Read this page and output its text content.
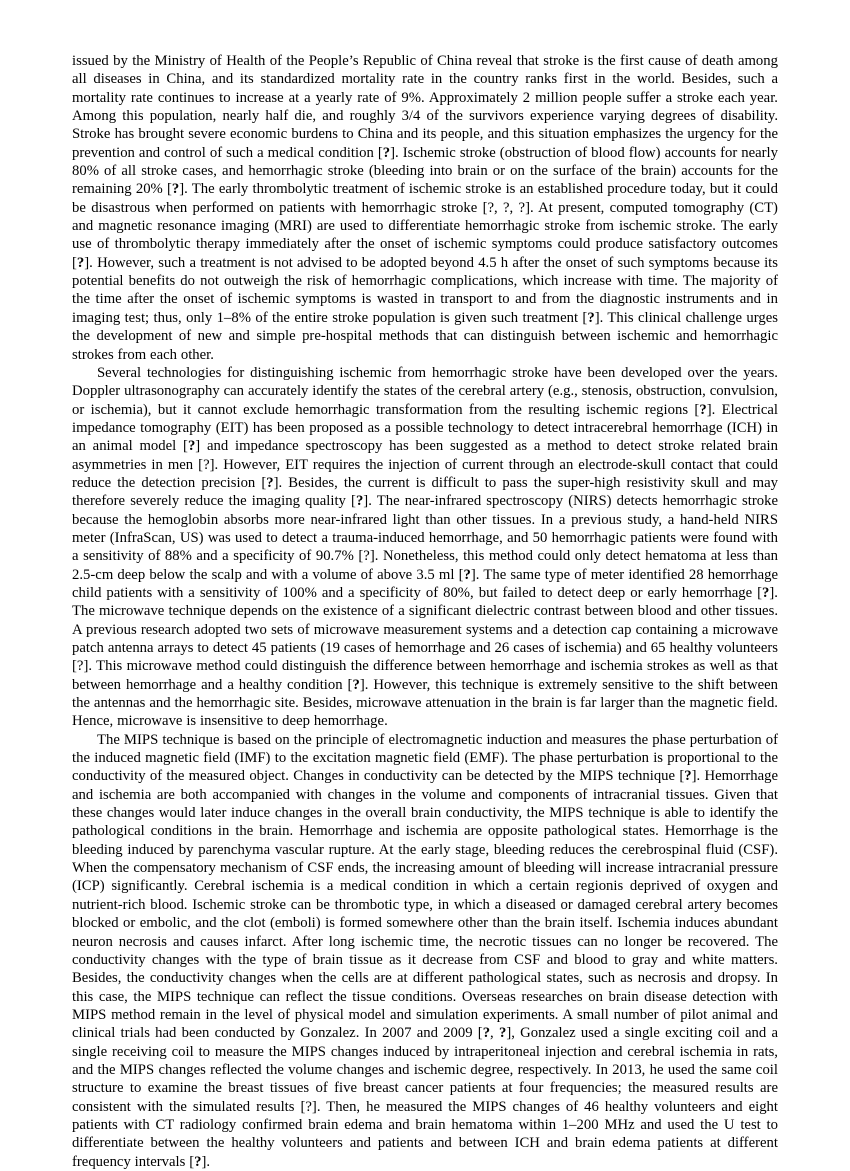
issued by the Ministry of Health of the People’s Republic of China reveal that stroke is the first cause of death among all diseases in China, and its standardized mortality rate in the country ranks first in the world. Besides, such a mortality rate continues to increase at a yearly rate of 9%. Approximately 2 million people suffer a stroke each year. Among this population, nearly half die, and roughly 3/4 of the survivors experience varying degrees of disability. Stroke has brought severe economic burdens to China and its people, and this situation emphasizes the urgency for the prevention and control of such a medical condition [?]. Ischemic stroke (obstruction of blood flow) accounts for nearly 80% of all stroke cases, and hemorrhagic stroke (bleeding into brain or on the surface of the brain) accounts for the remaining 20% [?]. The early thrombolytic treatment of ischemic stroke is an established procedure today, but it could be disastrous when performed on patients with hemorrhagic stroke [?, ?, ?]. At present, computed tomography (CT) and magnetic resonance imaging (MRI) are used to differentiate hemorrhagic stroke from ischemic stroke. The early use of thrombolytic therapy immediately after the onset of ischemic symptoms could produce satisfactory outcomes [?]. However, such a treatment is not advised to be adopted beyond 4.5 h after the onset of such symptoms because its potential benefits do not outweigh the risk of hemorrhagic complications, which increase with time. The majority of the time after the onset of ischemic symptoms is wasted in transport to and from the diagnostic instruments and in imaging test; thus, only 1–8% of the entire stroke population is given such treatment [?]. This clinical challenge urges the development of new and simple pre-hospital methods that can distinguish between ischemic and hemorrhagic strokes from each other.

Several technologies for distinguishing ischemic from hemorrhagic stroke have been developed over the years. Doppler ultrasonography can accurately identify the states of the cerebral artery (e.g., stenosis, obstruction, convulsion, or ischemia), but it cannot exclude hemorrhagic transformation from the resulting ischemic regions [?]. Electrical impedance tomography (EIT) has been proposed as a possible technology to detect intracerebral hemorrhage (ICH) in an animal model [?] and impedance spectroscopy has been suggested as a method to detect stroke related brain asymmetries in men [?]. However, EIT requires the injection of current through an electrode-skull contact that could reduce the detection precision [?]. Besides, the current is difficult to pass the super-high resistivity skull and may therefore severely reduce the imaging quality [?]. The near-infrared spectroscopy (NIRS) detects hemorrhagic stroke because the hemoglobin absorbs more near-infrared light than other tissues. In a previous study, a hand-held NIRS meter (InfraScan, US) was used to detect a trauma-induced hemorrhage, and 50 hemorrhagic patients were found with a sensitivity of 88% and a specificity of 90.7% [?]. Nonetheless, this method could only detect hematoma at less than 2.5-cm deep below the scalp and with a volume of above 3.5 ml [?]. The same type of meter identified 28 hemorrhage child patients with a sensitivity of 100% and a specificity of 80%, but failed to detect deep or early hemorrhage [?]. The microwave technique depends on the existence of a significant dielectric contrast between blood and other tissues. A previous research adopted two sets of microwave measurement systems and a detection cap containing a microwave patch antenna arrays to detect 45 patients (19 cases of hemorrhage and 26 cases of ischemia) and 65 healthy volunteers [?]. This microwave method could distinguish the difference between hemorrhage and ischemia strokes as well as that between hemorrhage and a healthy condition [?]. However, this technique is extremely sensitive to the shift between the antennas and the hemorrhagic site. Besides, microwave attenuation in the brain is far larger than the magnetic field. Hence, microwave is insensitive to deep hemorrhage.

The MIPS technique is based on the principle of electromagnetic induction and measures the phase perturbation of the induced magnetic field (IMF) to the excitation magnetic field (EMF). The phase perturbation is proportional to the conductivity of the measured object. Changes in conductivity can be detected by the MIPS technique [?]. Hemorrhage and ischemia are both accompanied with changes in the volume and components of intracranial tissues. Given that these changes would later induce changes in the overall brain conductivity, the MIPS technique is able to identify the pathological conditions in the brain. Hemorrhage and ischemia are opposite pathological states. Hemorrhage is the bleeding induced by parenchyma vascular rupture. At the early stage, bleeding reduces the cerebrospinal fluid (CSF). When the compensatory mechanism of CSF ends, the increasing amount of bleeding will increase intracranial pressure (ICP) significantly. Cerebral ischemia is a medical condition in which a certain regionis deprived of oxygen and nutrient-rich blood. Ischemic stroke can be thrombotic type, in which a diseased or damaged cerebral artery becomes blocked or embolic, and the clot (emboli) is formed somewhere other than the brain itself. Ischemia induces abundant neuron necrosis and causes infarct. After long ischemic time, the necrotic tissues can no longer be recovered. The conductivity changes with the type of brain tissue as it decrease from CSF and blood to gray and white matters. Besides, the conductivity changes when the cells are at different pathological states, such as necrosis and dropsy. In this case, the MIPS technique can reflect the tissue conditions. Overseas researches on brain disease detection with MIPS method remain in the level of physical model and simulation experiments. A small number of pilot animal and clinical trials had been conducted by Gonzalez. In 2007 and 2009 [?, ?], Gonzalez used a single exciting coil and a single receiving coil to measure the MIPS changes induced by intraperitoneal injection and cerebral ischemia in rats, and the MIPS changes reflected the volume changes and ischemic degree, respectively. In 2013, he used the same coil structure to examine the breast tissues of five breast cancer patients at four frequencies; the measured results are consistent with the simulated results [?]. Then, he measured the MIPS changes of 46 healthy volunteers and eight patients with CT radiology confirmed brain edema and brain hematoma within 1–200 MHz and used the U test to differentiate between the healthy volunteers and patients and between ICH and brain edema patients at different frequency intervals [?].
